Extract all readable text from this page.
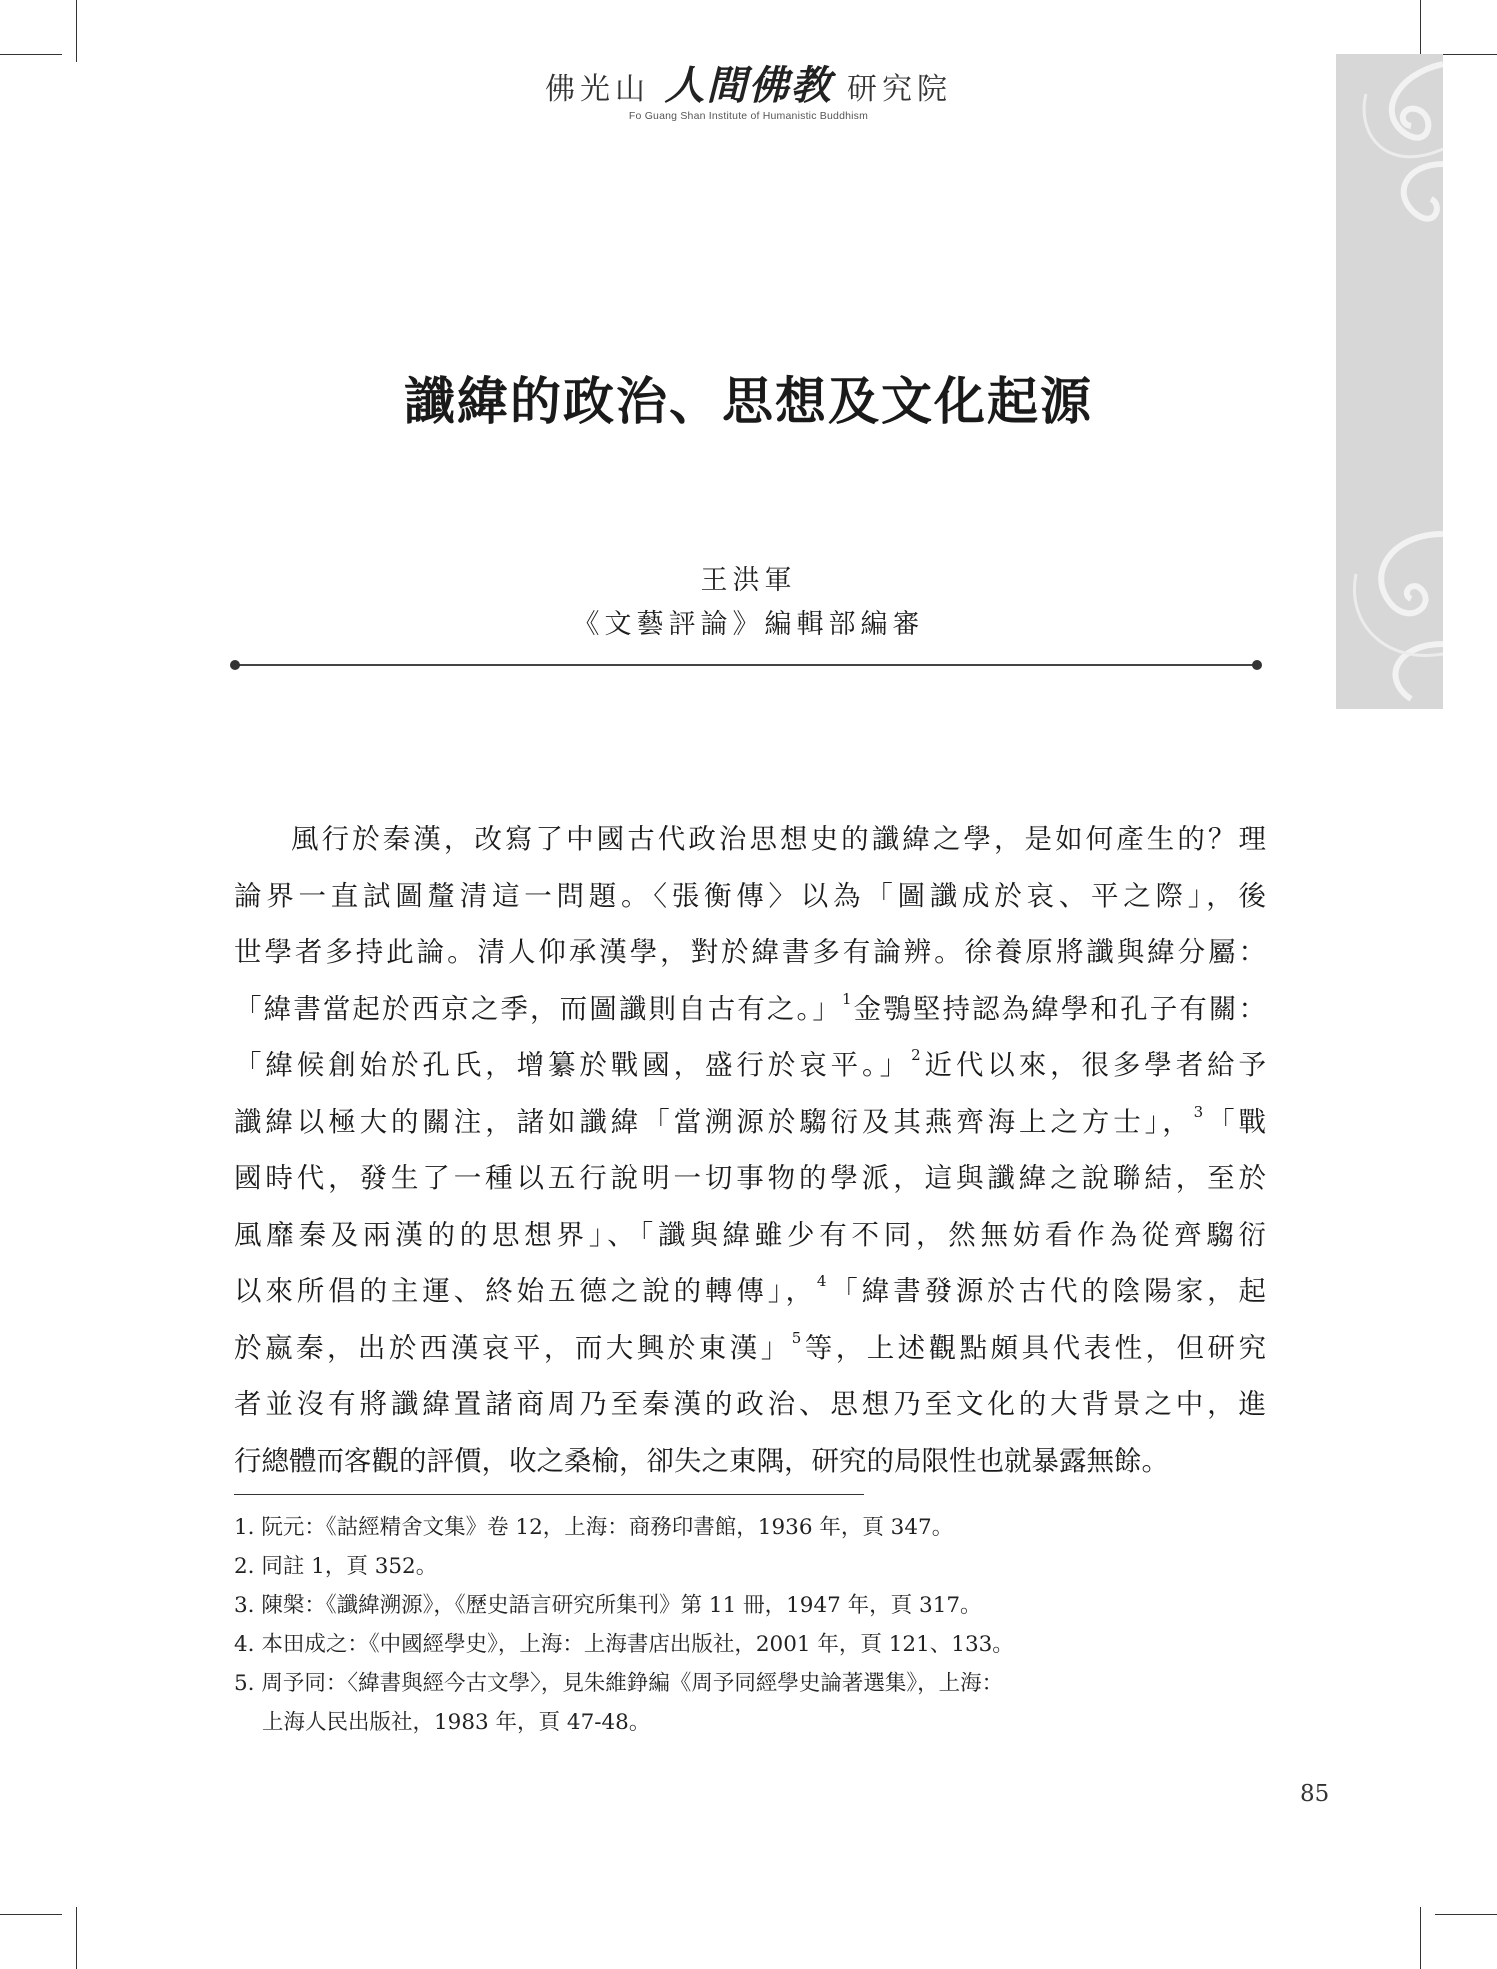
佛光山 人間佛教 研究院
Fo Guang Shan Institute of Humanistic Buddhism
讖緯的政治、思想及文化起源
王洪軍
《文藝評論》編輯部編審
風行於秦漢，改寫了中國古代政治思想史的讖緯之學，是如何產生的？理
論界一直試圖釐清這一問題。〈張衡傳〉以為「圖讖成於哀、平之際」，後
世學者多持此論。清人仰承漢學，對於緯書多有論辨。徐養原將讖與緯分屬：
「緯書當起於西京之季，而圖讖則自古有之。」$^1$金鶚堅持認為緯學和孔子有關：
「緯候創始於孔氏，增纂於戰國，盛行於哀平。」$^2$近代以來，很多學者給予
讖緯以極大的關注，諸如讖緯「當溯源於騶衍及其燕齊海上之方士」，$^3$「戰
國時代，發生了一種以五行說明一切事物的學派，這與讖緯之說聯結，至於
風靡秦及兩漢的的思想界」、「讖與緯雖少有不同，然無妨看作為從齊騶衍
以來所倡的主運、終始五德之說的轉傳」，$^4$「緯書發源於古代的陰陽家，起
於嬴秦，出於西漢哀平，而大興於東漢」$^5$等，上述觀點頗具代表性，但研究
者並沒有將讖緯置諸商周乃至秦漢的政治、思想乃至文化的大背景之中，進
行總體而客觀的評價，收之桑榆，卻失之東隅，研究的局限性也就暴露無餘。
1. 阮元：《詁經精舍文集》卷 12，上海：商務印書館，1936 年，頁 347。
2. 同註 1，頁 352。
3. 陳槃：《讖緯溯源》，《歷史語言研究所集刊》第 11 冊，1947 年，頁 317。
4. 本田成之：《中國經學史》，上海：上海書店出版社，2001 年，頁 121、133。
5. 周予同：〈緯書與經今古文學〉，見朱維錚編《周予同經學史論著選集》，上海：
上海人民出版社，1983 年，頁 47-48。
85
